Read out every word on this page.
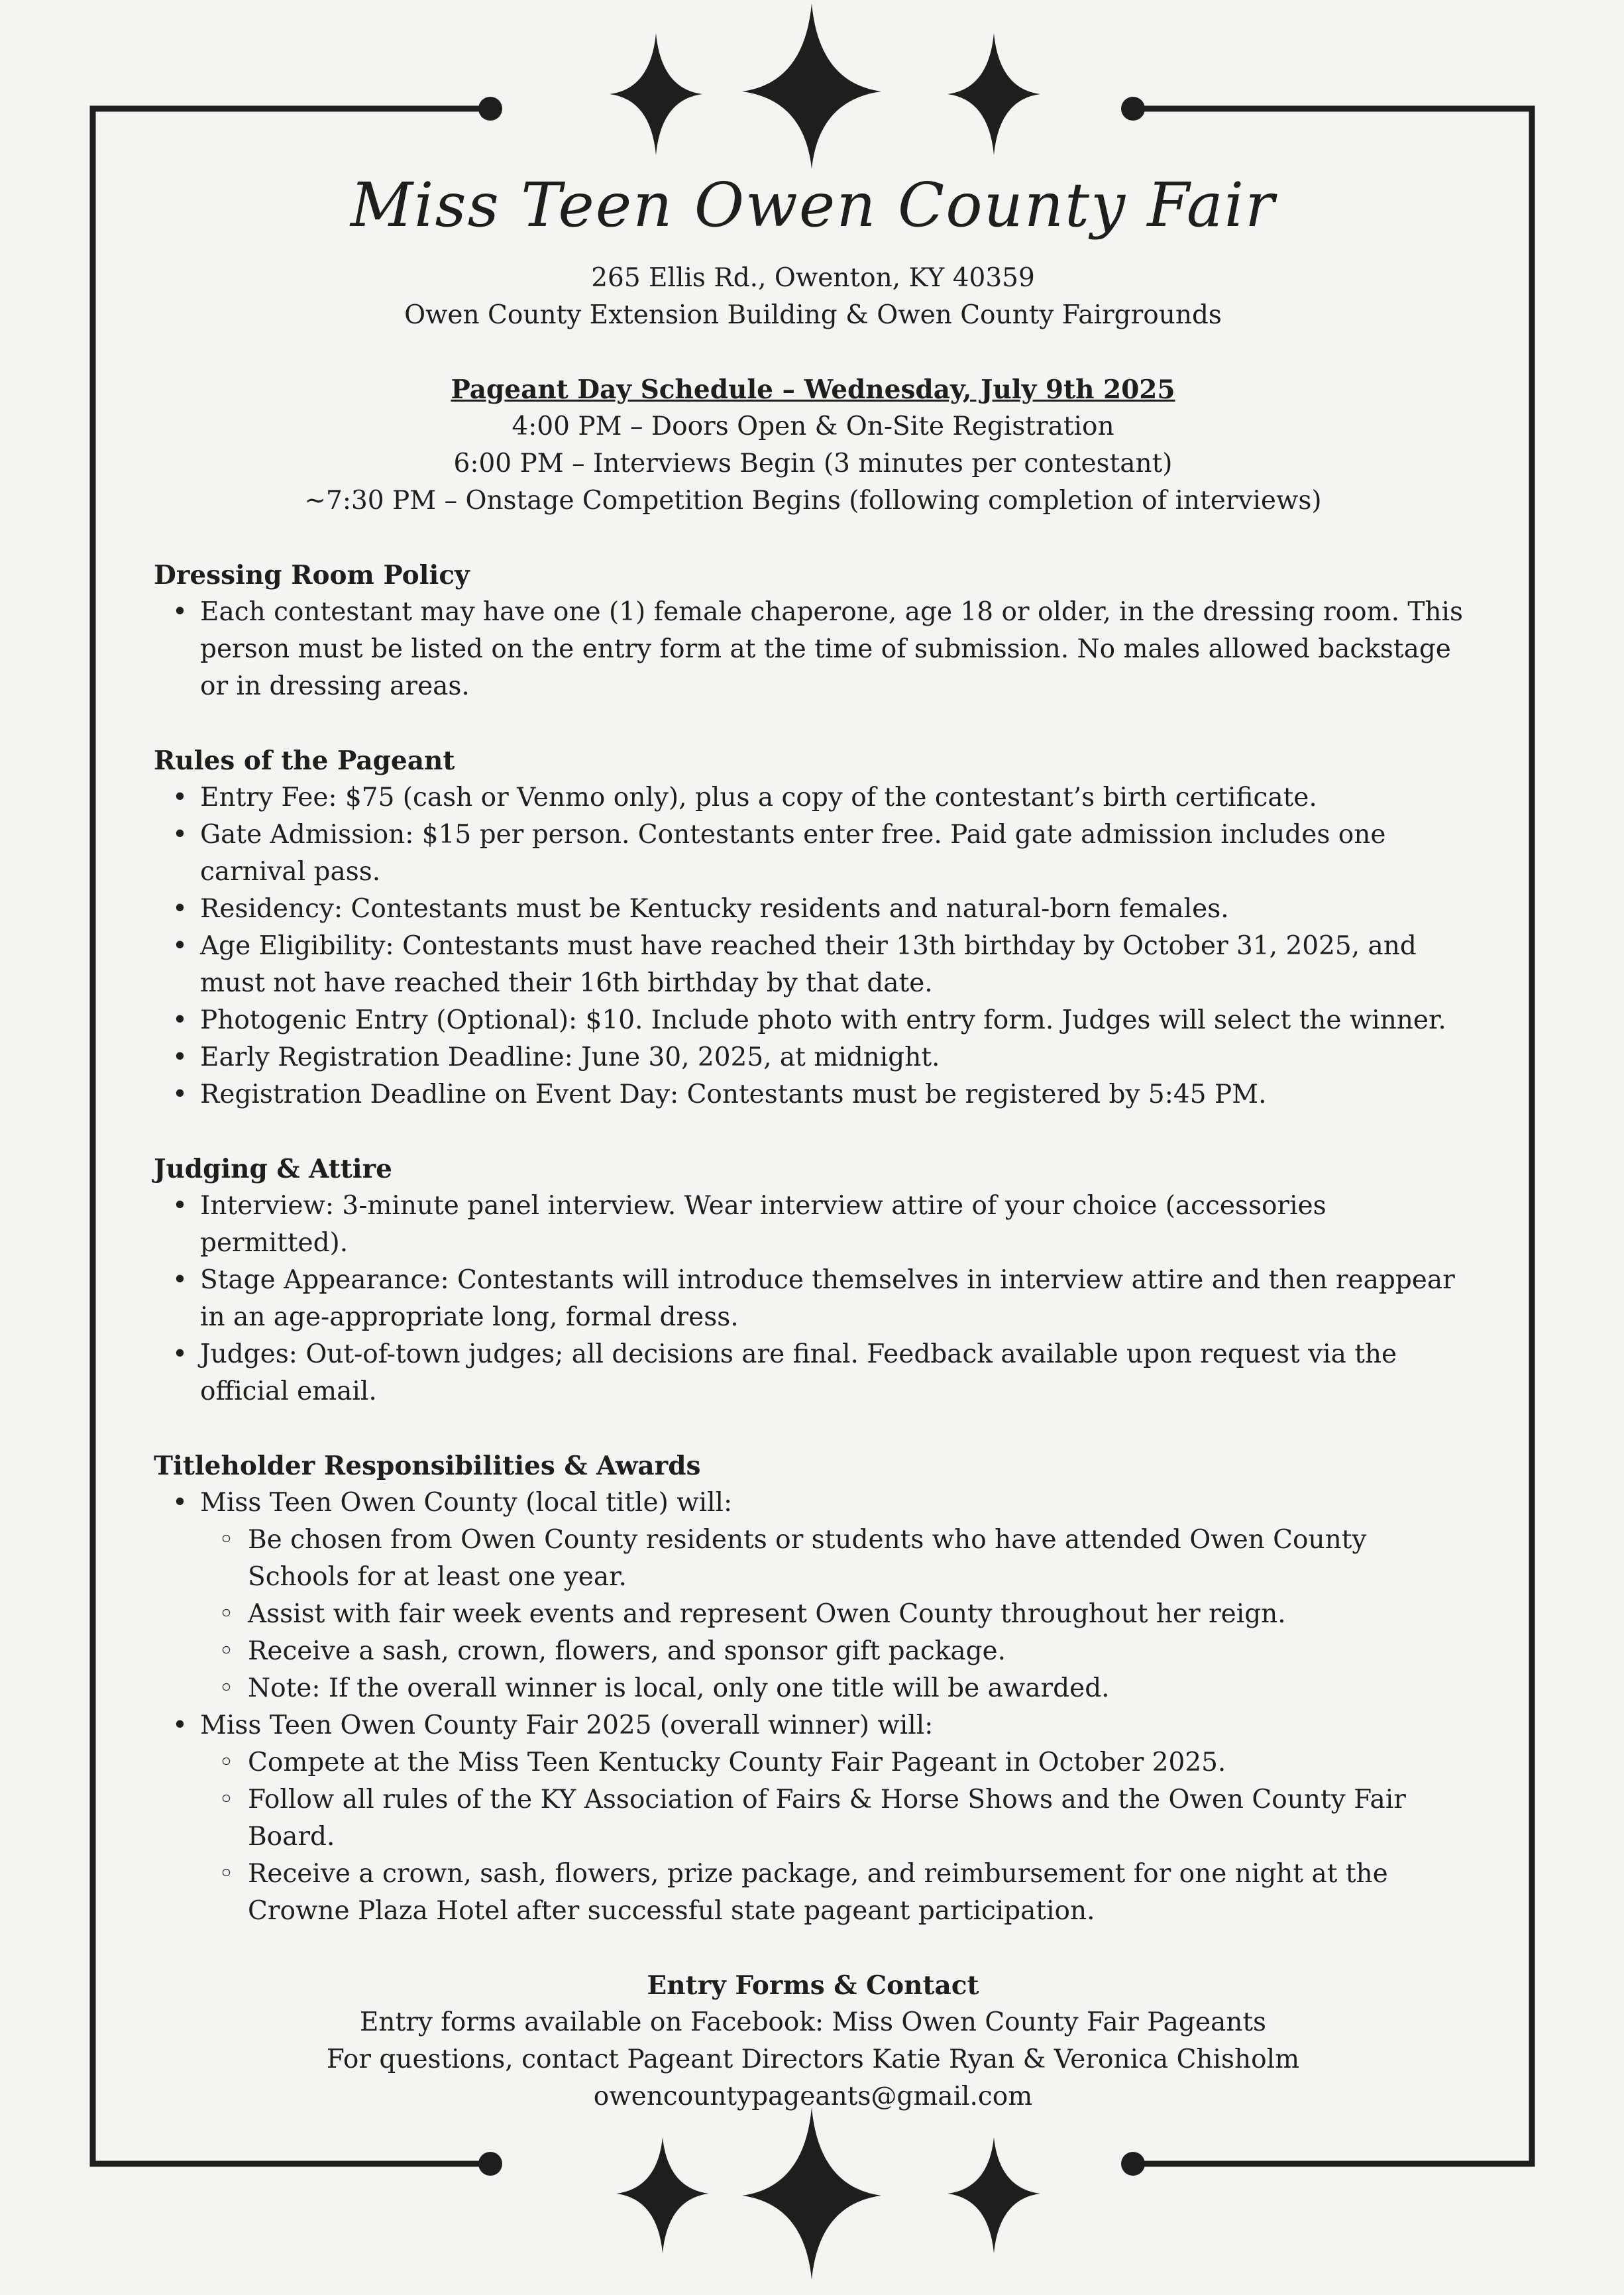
Miss Teen Owen County Fair
265 Ellis Rd., Owenton, KY 40359
Owen County Extension Building & Owen County Fairgrounds
Pageant Day Schedule – Wednesday, July 9th 2025
4:00 PM – Doors Open & On-Site Registration
6:00 PM – Interviews Begin (3 minutes per contestant)
~7:30 PM – Onstage Competition Begins (following completion of interviews)
Dressing Room Policy
• Each contestant may have one (1) female chaperone, age 18 or older, in the dressing room. This person must be listed on the entry form at the time of submission. No males allowed backstage or in dressing areas.
Rules of the Pageant
• Entry Fee: $75 (cash or Venmo only), plus a copy of the contestant’s birth certificate.
• Gate Admission: $15 per person. Contestants enter free. Paid gate admission includes one carnival pass.
• Residency: Contestants must be Kentucky residents and natural-born females.
• Age Eligibility: Contestants must have reached their 13th birthday by October 31, 2025, and must not have reached their 16th birthday by that date.
• Photogenic Entry (Optional): $10. Include photo with entry form. Judges will select the winner.
• Early Registration Deadline: June 30, 2025, at midnight.
• Registration Deadline on Event Day: Contestants must be registered by 5:45 PM.
Judging & Attire
• Interview: 3-minute panel interview. Wear interview attire of your choice (accessories permitted).
• Stage Appearance: Contestants will introduce themselves in interview attire and then reappear in an age-appropriate long, formal dress.
• Judges: Out-of-town judges; all decisions are final. Feedback available upon request via the official email.
Titleholder Responsibilities & Awards
• Miss Teen Owen County (local title) will:
◦ Be chosen from Owen County residents or students who have attended Owen County Schools for at least one year.
◦ Assist with fair week events and represent Owen County throughout her reign.
◦ Receive a sash, crown, flowers, and sponsor gift package.
◦ Note: If the overall winner is local, only one title will be awarded.
• Miss Teen Owen County Fair 2025 (overall winner) will:
◦ Compete at the Miss Teen Kentucky County Fair Pageant in October 2025.
◦ Follow all rules of the KY Association of Fairs & Horse Shows and the Owen County Fair Board.
◦ Receive a crown, sash, flowers, prize package, and reimbursement for one night at the Crowne Plaza Hotel after successful state pageant participation.
Entry Forms & Contact
Entry forms available on Facebook: Miss Owen County Fair Pageants
For questions, contact Pageant Directors Katie Ryan & Veronica Chisholm
owencountypageants@gmail.com
